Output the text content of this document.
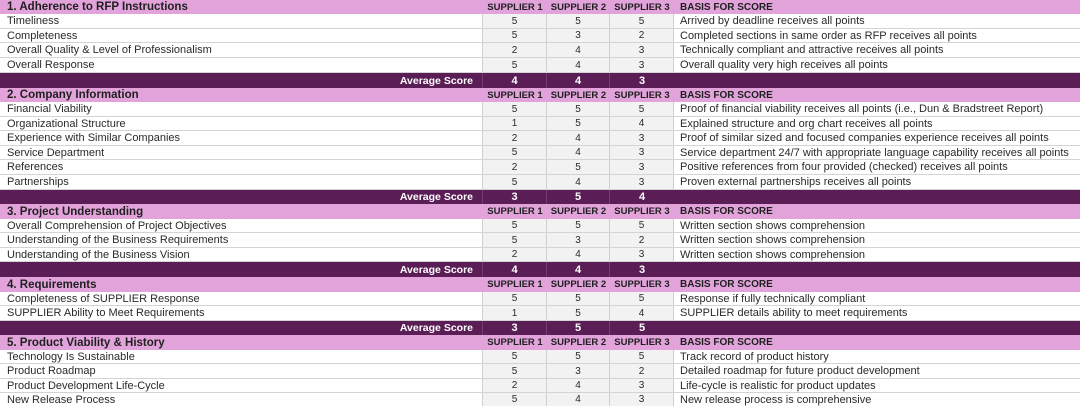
1. Adherence to RFP Instructions	SUPPLIER 1 SUPPLIER 2 SUPPLIER 3	BASIS FOR SCORE
Timeliness	5	5	5	Arrived by deadline receives all points
Completeness	5	3	2	Completed sections in same order as RFP receives all points
Overall Quality & Level of Professionalism	2	4	3	Technically compliant and attractive receives all points
Overall Response	5	4	3	Overall quality very high receives all points
Average Score	4	4	3
2. Company Information	SUPPLIER 1 SUPPLIER 2 SUPPLIER 3	BASIS FOR SCORE
Financial Viability	5	5	5	Proof of financial viability receives all points (i.e., Dun & Bradstreet Report)
Organizational Structure	1	5	4	Explained structure and org chart receives all points
Experience with Similar Companies	2	4	3	Proof of similar sized and focused companies experience receives all points
Service Department	5	4	3	Service department 24/7 with appropriate language capability receives all points
References	2	5	3	Positive references from four provided (checked) receives all points
Partnerships	5	4	3	Proven external partnerships receives all points
Average Score	3	5	4
3. Project Understanding	SUPPLIER 1 SUPPLIER 2 SUPPLIER 3	BASIS FOR SCORE
Overall Comprehension of Project Objectives	5	5	5	Written section shows comprehension
Understanding of the Business Requirements	5	3	2	Written section shows comprehension
Understanding of the Business Vision	2	4	3	Written section shows comprehension
Average Score	4	4	3
4. Requirements	SUPPLIER 1 SUPPLIER 2 SUPPLIER 3	BASIS FOR SCORE
Completeness of SUPPLIER Response	5	5	5	Response if fully technically compliant
SUPPLIER Ability to Meet Requirements	1	5	4	SUPPLIER details ability to meet requirements
Average Score	3	5	5
5. Product Viability & History	SUPPLIER 1 SUPPLIER 2 SUPPLIER 3	BASIS FOR SCORE
Technology Is Sustainable	5	5	5	Track record of product history
Product Roadmap	5	3	2	Detailed roadmap for future product development
Product Development Life-Cycle	2	4	3	Life-cycle is realistic for product updates
New Release Process	5	4	3	New release process is comprehensive
